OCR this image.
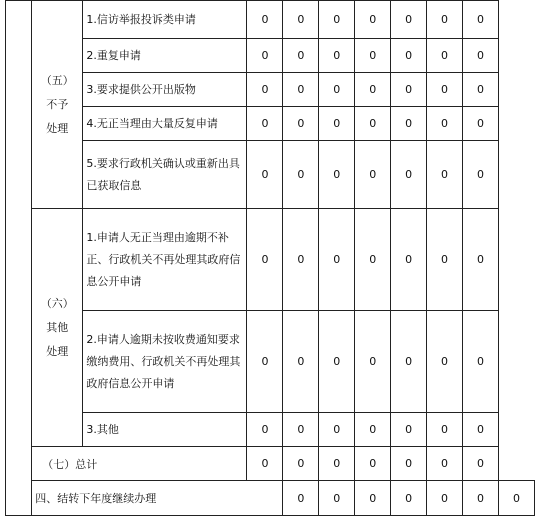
	（五）
不予
处理	1.信访举报投诉类申请	0	0	0	0	0	0	0	
		2.重复申请	0	0	0	0	0	0	0	
		3.要求提供公开出版物	0	0	0	0	0	0	0	
		4.无正当理由大量反复申请	0	0	0	0	0	0	0	
		5.要求行政机关确认或重新出具已获取信息	0	0	0	0	0	0	0	

	（六）
其他
处理	1.申请人无正当理由逾期不补正、行政机关不再处理其政府信息公开申请	0	0	0	0	0	0	0	
		2.申请人逾期未按收费通知要求缴纳费用、行政机关不再处理其政府信息公开申请	0	0	0	0	0	0	0	
		3.其他	0	0	0	0	0	0	0	
	（七）总计		0	0	0	0	0	0	0	
	四、结转下年度继续办理			0	0	0	0	0	0	0
